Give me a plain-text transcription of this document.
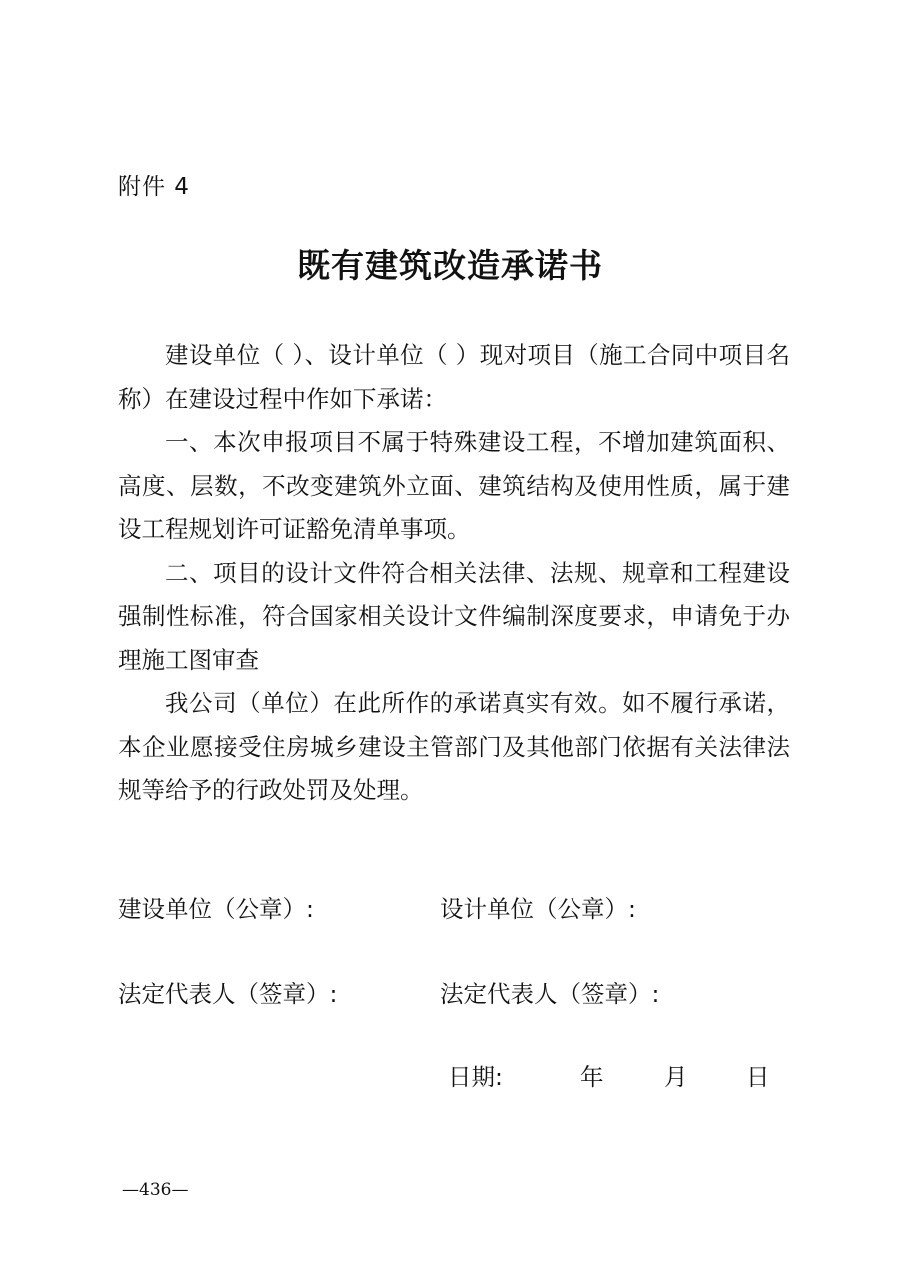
附件 4
既有建筑改造承诺书

建设单位（ ）、设计单位（ ）现对项目（施工合同中项目名称）在建设过程中作如下承诺：

一、本次申报项目不属于特殊建设工程，不增加建筑面积、高度、层数，不改变建筑外立面、建筑结构及使用性质，属于建设工程规划许可证豁免清单事项。

二、项目的设计文件符合相关法律、法规、规章和工程建设强制性标准，符合国家相关设计文件编制深度要求，申请免于办理施工图审查

我公司（单位）在此所作的承诺真实有效。如不履行承诺，本企业愿接受住房城乡建设主管部门及其他部门依据有关法律法规等给予的行政处罚及处理。

建设单位（公章）:	设计单位（公章）:
法定代表人（签章）:	法定代表人（签章）:
日期:	年	月 日
—436—
